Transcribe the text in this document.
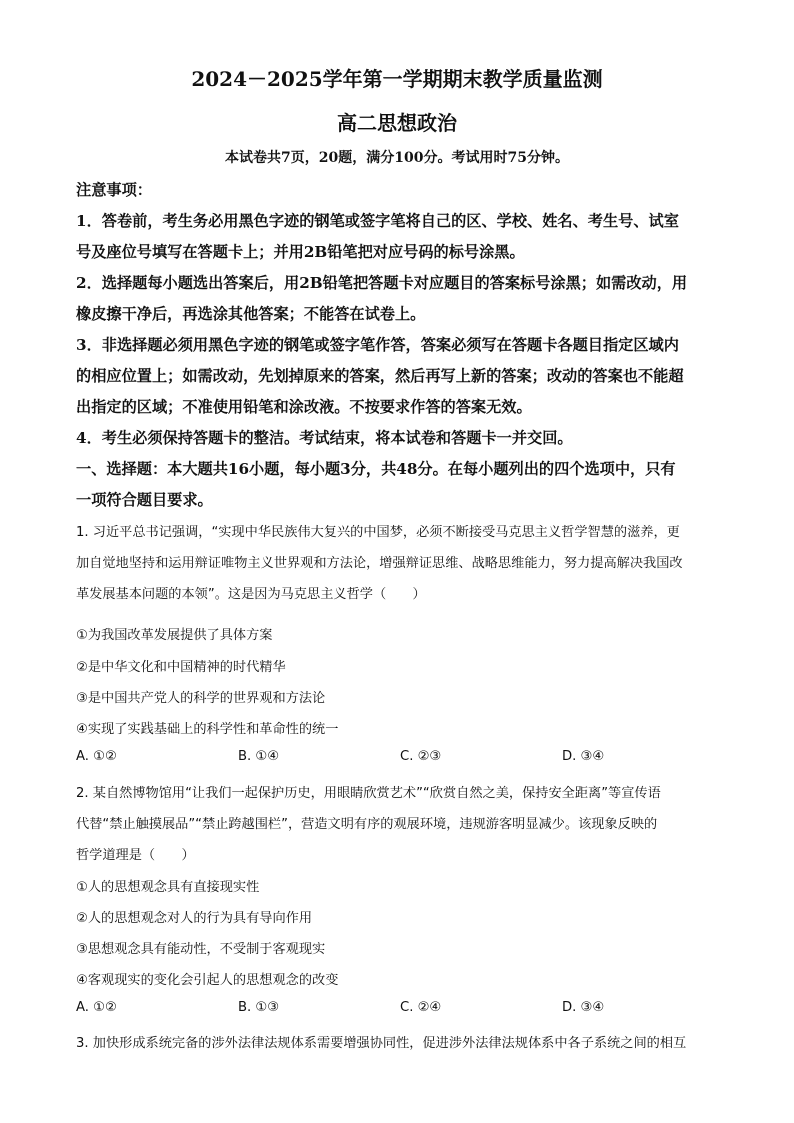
2024－2025学年第一学期期末教学质量监测
高二思想政治
本试卷共7页，20题，满分100分。考试用时75分钟。
注意事项：
1．答卷前，考生务必用黑色字迹的钢笔或签字笔将自己的区、学校、姓名、考生号、试室
号及座位号填写在答题卡上；并用2B铅笔把对应号码的标号涂黑。
2．选择题每小题选出答案后，用2B铅笔把答题卡对应题目的答案标号涂黑；如需改动，用
橡皮擦干净后，再选涂其他答案；不能答在试卷上。
3．非选择题必须用黑色字迹的钢笔或签字笔作答，答案必须写在答题卡各题目指定区域内
的相应位置上；如需改动，先划掉原来的答案，然后再写上新的答案；改动的答案也不能超
出指定的区域；不准使用铅笔和涂改液。不按要求作答的答案无效。
4．考生必须保持答题卡的整洁。考试结束，将本试卷和答题卡一并交回。
一、选择题：本大题共16小题，每小题3分，共48分。在每小题列出的四个选项中，只有
一项符合题目要求。
1. 习近平总书记强调，“实现中华民族伟大复兴的中国梦，必须不断接受马克思主义哲学智慧的滋养，更
加自觉地坚持和运用辩证唯物主义世界观和方法论，增强辩证思维、战略思维能力，努力提高解决我国改
革发展基本问题的本领”。这是因为马克思主义哲学（　　）
①为我国改革发展提供了具体方案
②是中华文化和中国精神的时代精华
③是中国共产党人的科学的世界观和方法论
④实现了实践基础上的科学性和革命性的统一
A. ①②	B. ①④	C. ②③	D. ③④
2. 某自然博物馆用“让我们一起保护历史，用眼睛欣赏艺术”“欣赏自然之美，保持安全距离”等宣传语
代替“禁止触摸展品”“禁止跨越围栏”，营造文明有序的观展环境，违规游客明显减少。该现象反映的
哲学道理是（　　）
①人的思想观念具有直接现实性
②人的思想观念对人的行为具有导向作用
③思想观念具有能动性，不受制于客观现实
④客观现实的变化会引起人的思想观念的改变
A. ①②	B. ①③	C. ②④	D. ③④
3. 加快形成系统完备的涉外法律法规体系需要增强协同性，促进涉外法律法规体系中各子系统之间的相互
